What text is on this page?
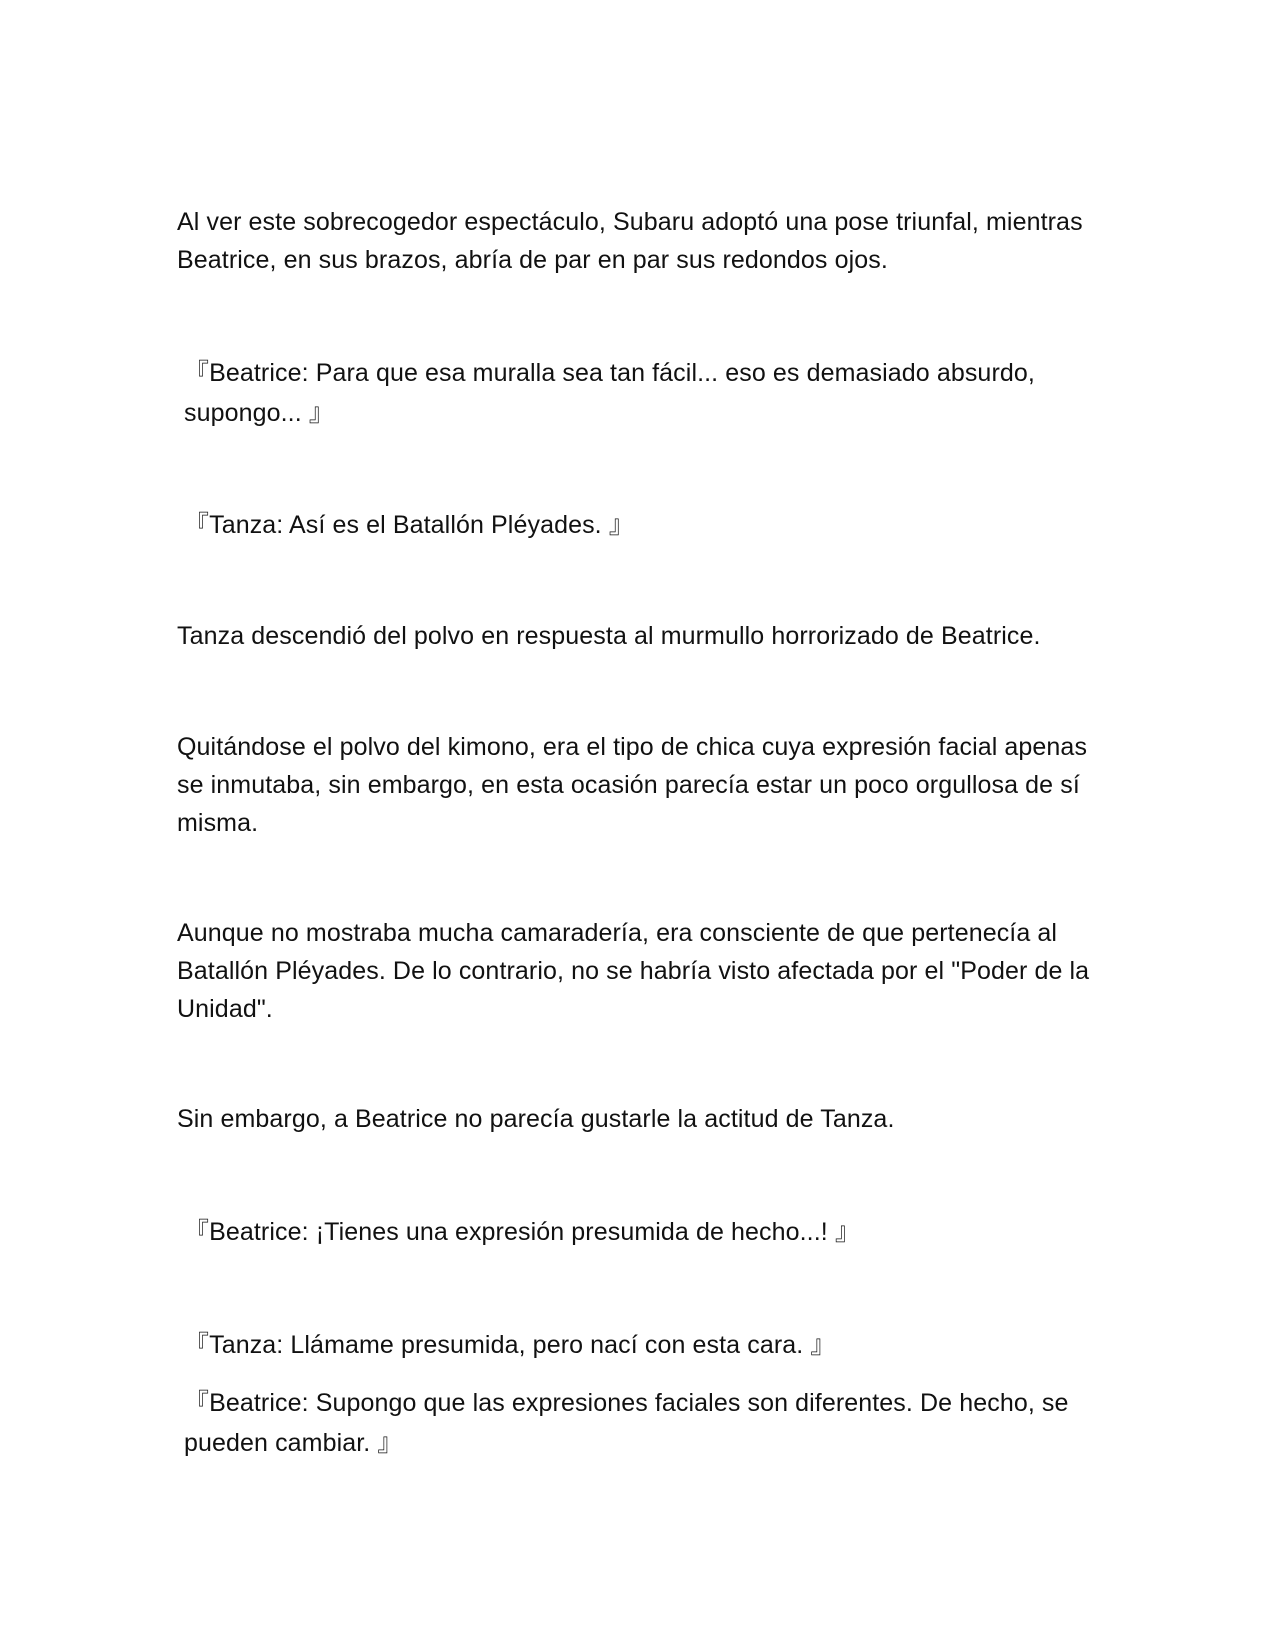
Al ver este sobrecogedor espectáculo, Subaru adoptó una pose triunfal, mientras Beatrice, en sus brazos, abría de par en par sus redondos ojos.

『Beatrice: Para que esa muralla sea tan fácil... eso es demasiado absurdo, supongo... 』

『Tanza: Así es el Batallón Pléyades. 』

Tanza descendió del polvo en respuesta al murmullo horrorizado de Beatrice.

Quitándose el polvo del kimono, era el tipo de chica cuya expresión facial apenas se inmutaba, sin embargo, en esta ocasión parecía estar un poco orgullosa de sí misma.

Aunque no mostraba mucha camaradería, era consciente de que pertenecía al Batallón Pléyades. De lo contrario, no se habría visto afectada por el "Poder de la Unidad".

Sin embargo, a Beatrice no parecía gustarle la actitud de Tanza.

『Beatrice: ¡Tienes una expresión presumida de hecho...! 』

『Tanza: Llámame presumida, pero nací con esta cara. 』

『Beatrice: Supongo que las expresiones faciales son diferentes. De hecho, se pueden cambiar. 』
